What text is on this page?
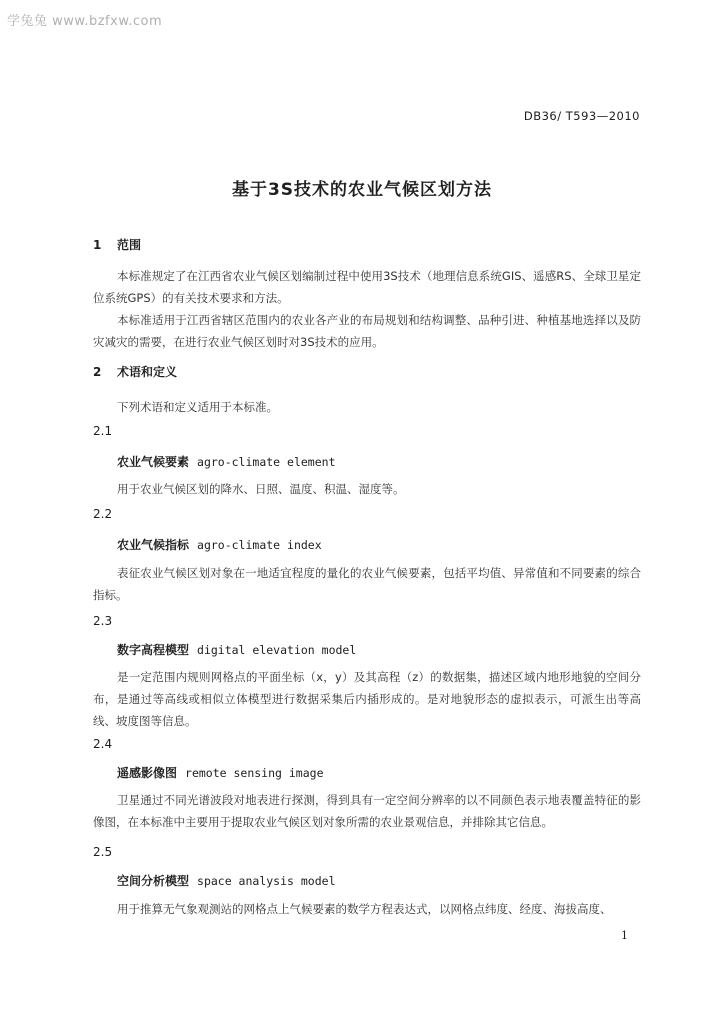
学兔兔 www.bzfxw.com
DB36/ T593—2010
基于3S技术的农业气候区划方法
1 范围

本标准规定了在江西省农业气候区划编制过程中使用3S技术（地理信息系统GIS、遥感RS、全球卫星定位系统GPS）的有关技术要求和方法。

本标准适用于江西省辖区范围内的农业各产业的布局规划和结构调整、品种引进、种植基地选择以及防灾减灾的需要，在进行农业气候区划时对3S技术的应用。

2 术语和定义

下列术语和定义适用于本标准。

2.1
农业气候要素 agro-climate element

用于农业气候区划的降水、日照、温度、积温、湿度等。

2.2
农业气候指标 agro-climate index

表征农业气候区划对象在一地适宜程度的量化的农业气候要素，包括平均值、异常值和不同要素的综合指标。

2.3
数字高程模型 digital elevation model

是一定范围内规则网格点的平面坐标（x，y）及其高程（z）的数据集，描述区域内地形地貌的空间分布，是通过等高线或相似立体模型进行数据采集后内插形成的。是对地貌形态的虚拟表示，可派生出等高线、坡度图等信息。

2.4
遥感影像图 remote sensing image

卫星通过不同光谱波段对地表进行探测，得到具有一定空间分辨率的以不同颜色表示地表覆盖特征的影像图，在本标准中主要用于提取农业气候区划对象所需的农业景观信息，并排除其它信息。

2.5
空间分析模型 space analysis model

用于推算无气象观测站的网格点上气候要素的数学方程表达式，以网格点纬度、经度、海拔高度、

1
